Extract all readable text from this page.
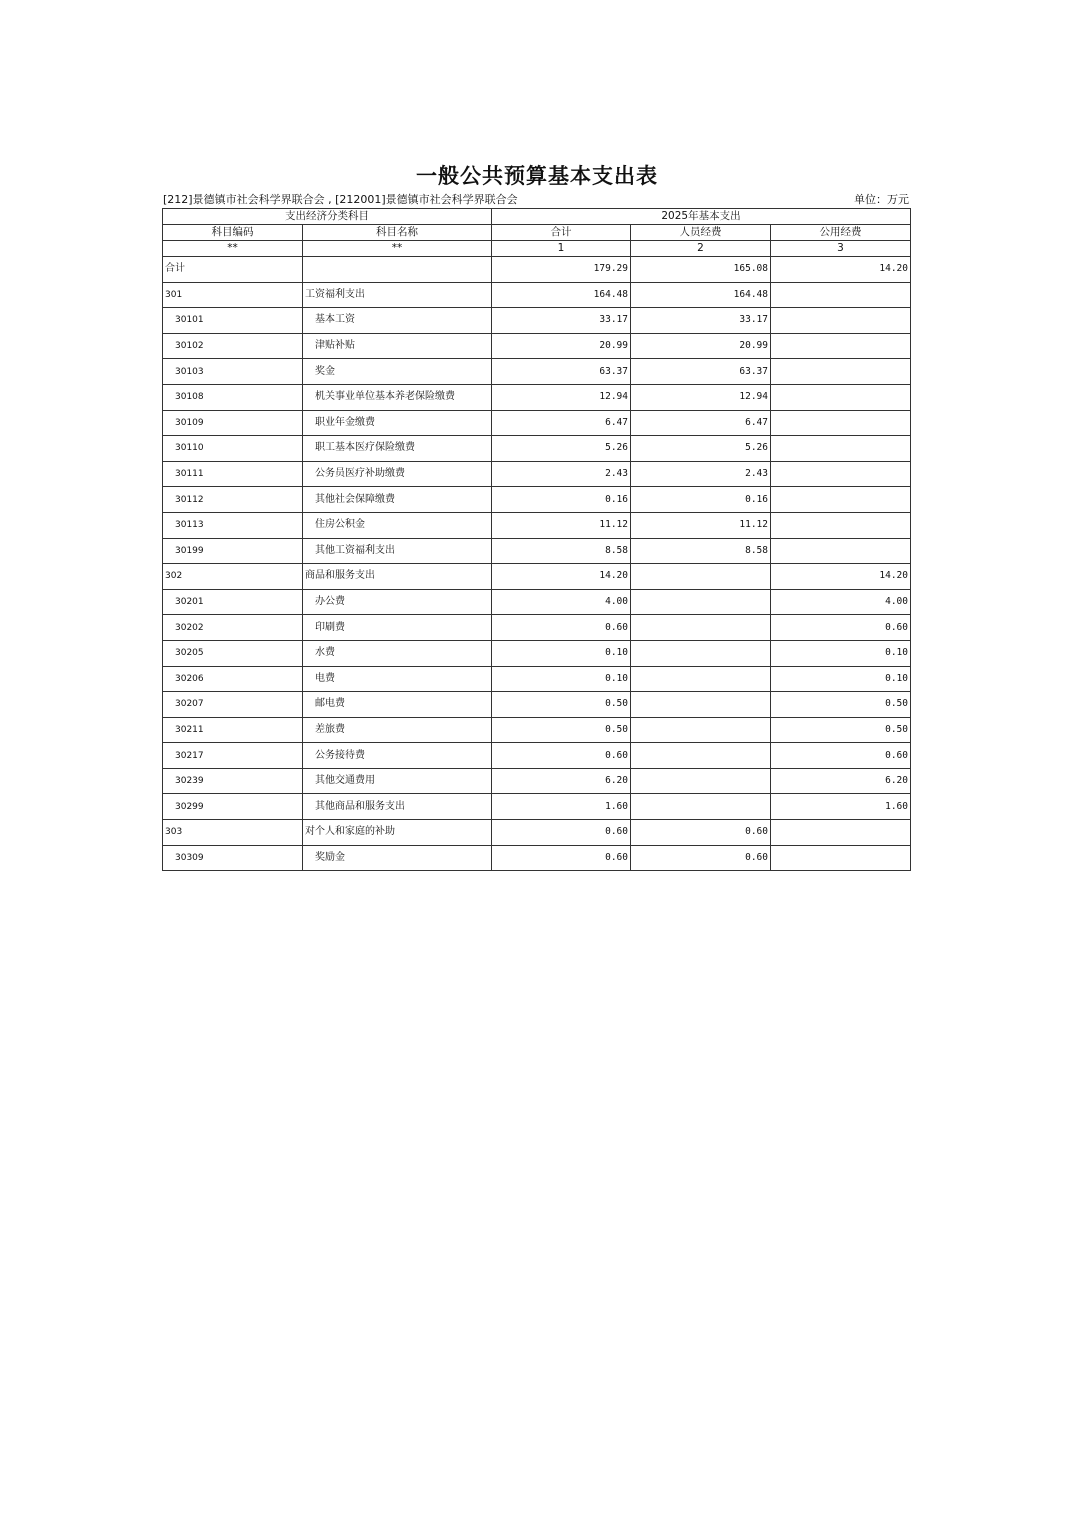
一般公共预算基本支出表
[212]景德镇市社会科学界联合会 , [212001]景德镇市社会科学界联合会	单位：万元
支出经济分类科目		2025年基本支出		
科目编码	科目名称	合计	人员经费	公用经费
**	**	1	2	3
合计		179.29	165.08	14.20
301	工资福利支出	164.48	164.48	
30101	基本工资	33.17	33.17	
30102	津贴补贴	20.99	20.99	
30103	奖金	63.37	63.37	
30108	机关事业单位基本养老保险缴费	12.94	12.94	
30109	职业年金缴费	6.47	6.47	
30110	职工基本医疗保险缴费	5.26	5.26	
30111	公务员医疗补助缴费	2.43	2.43	
30112	其他社会保障缴费	0.16	0.16	
30113	住房公积金	11.12	11.12	
30199	其他工资福利支出	8.58	8.58	
302	商品和服务支出	14.20		14.20
30201	办公费	4.00		4.00
30202	印刷费	0.60		0.60
30205	水费	0.10		0.10
30206	电费	0.10		0.10
30207	邮电费	0.50		0.50
30211	差旅费	0.50		0.50
30217	公务接待费	0.60		0.60
30239	其他交通费用	6.20		6.20
30299	其他商品和服务支出	1.60		1.60
303	对个人和家庭的补助	0.60	0.60	
30309	奖励金	0.60	0.60	
